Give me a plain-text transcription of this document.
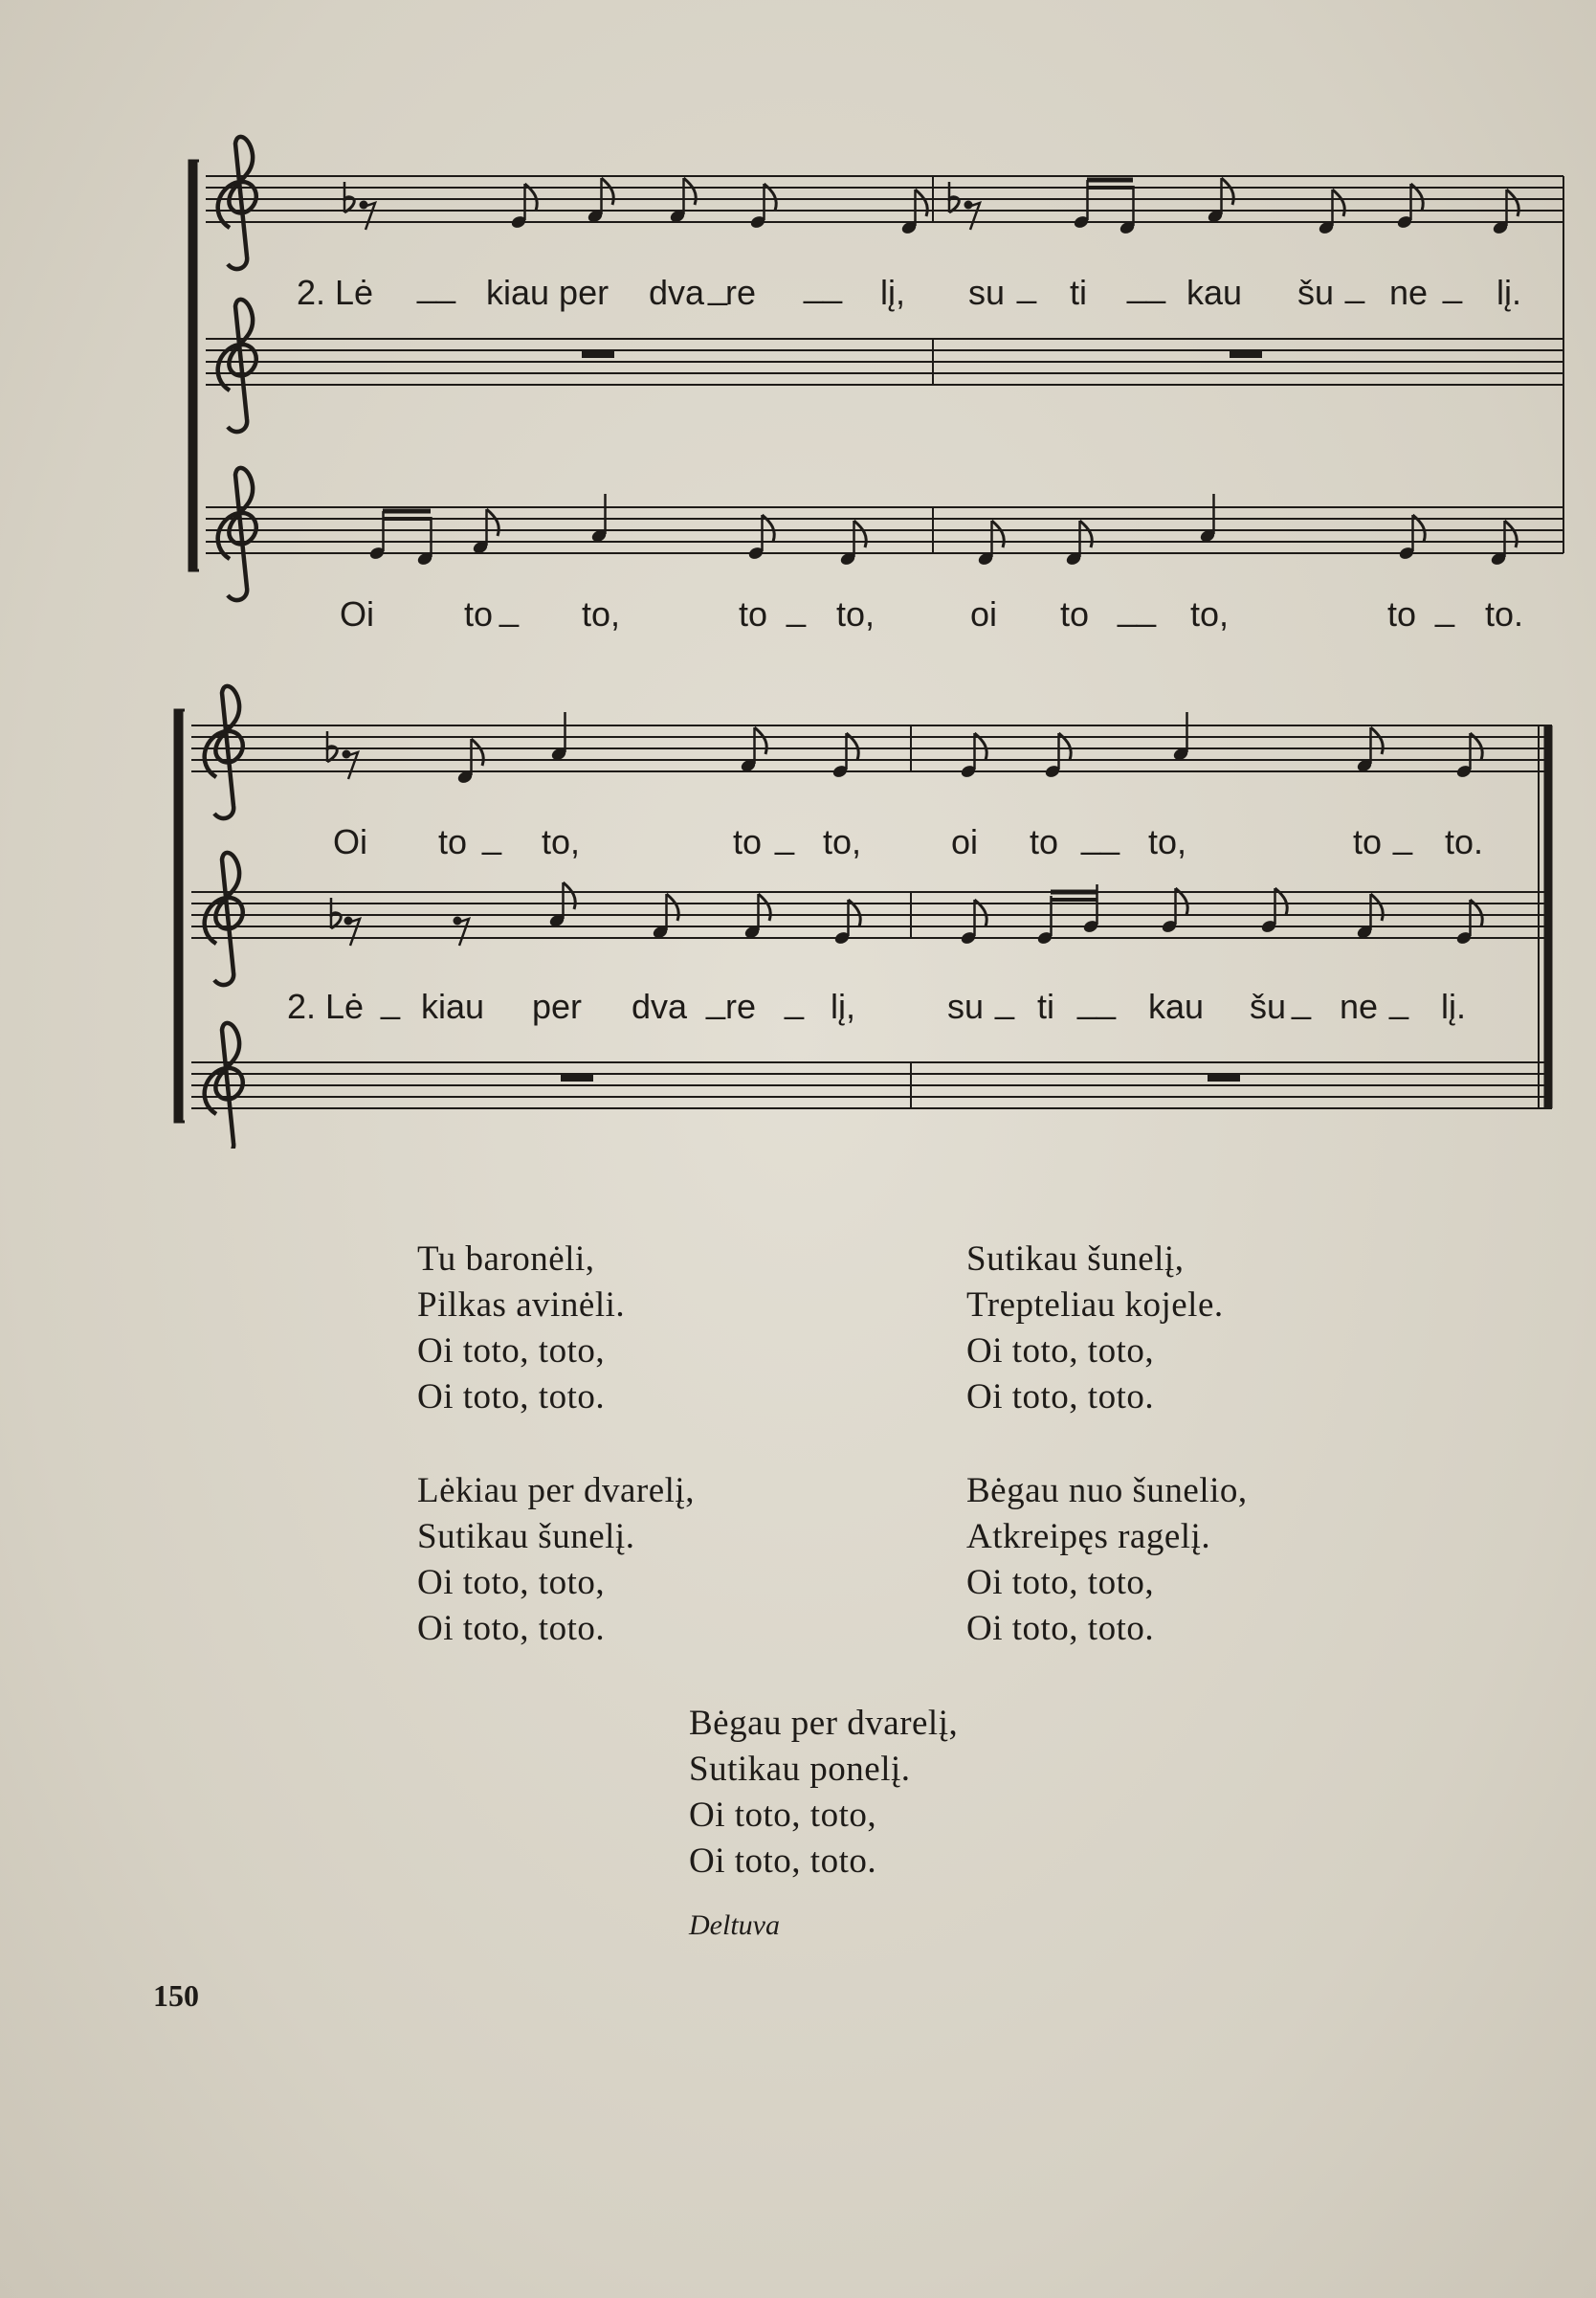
2. Lė __ kiau per dva _
re __ lį, su _ ti __ kau šu _ ne _ lį.
Oi	to _ to,	to _ to,	oi to __ to,	to _ to.
Oi to _ to,	to _ to,	oi to __ to,	to _ to.
2. Lė _ kiau per dva _ re _ lį,	su _ ti __ kau šu _ ne _ lį.
Tu baronėli,
Pilkas avinėli.
Oi toto, toto,
Oi toto, toto.
Sutikau šunelį,
Trepteliau kojele.
Oi toto, toto,
Oi toto, toto.
Lėkiau per dvarelį,
Sutikau šunelį.
Oi toto, toto,
Oi toto, toto.
Bėgau nuo šunelio,
Atkreipęs ragelį.
Oi toto, toto,
Oi toto, toto.
Bėgau per dvarelį,
Sutikau ponelį.
Oi toto, toto,
Oi toto, toto.
Deltuva
150
